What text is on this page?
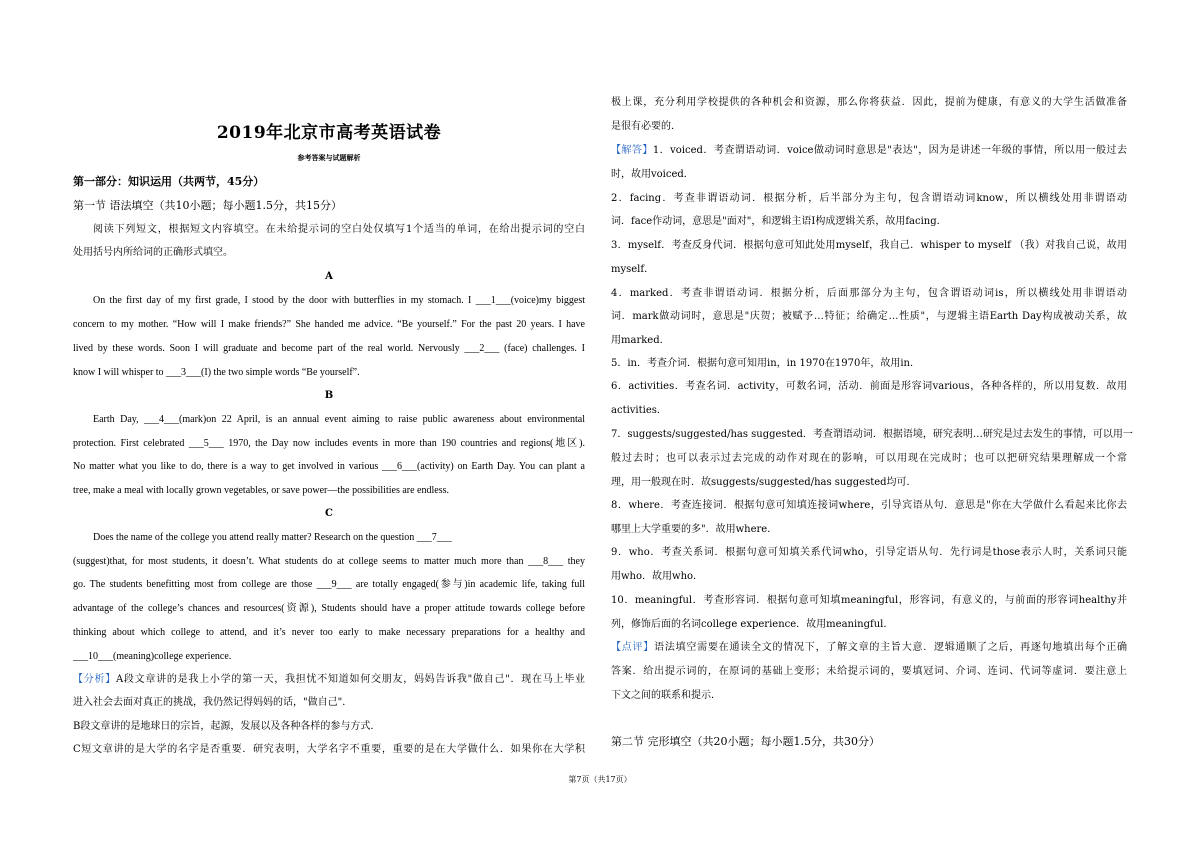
2019年北京市高考英语试卷
参考答案与试题解析
第一部分：知识运用（共两节，45分）
第一节 语法填空（共10小题；每小题1.5分，共15分）
阅读下列短文，根据短文内容填空。在未给提示词的空白处仅填写1个适当的单词，在给出提示词的空白
处用括号内所给词的正确形式填空。
A
On the first day of my first grade, I stood by the door with butterflies in my stomach. I ___1___(voice)my biggest
concern to my mother. “How will I make friends?” She handed me advice. “Be yourself.” For the past 20 years. I have
lived by these words. Soon I will graduate and become part of the real world. Nervously ___2___ (face) challenges. I
know I will whisper to ___3___(I) the two simple words “Be yourself”.
B
Earth Day, ___4___(mark)on 22 April, is an annual event aiming to raise public awareness about environmental
protection. First celebrated ___5___ 1970, the Day now includes events in more than 190 countries and regions(地区).
No matter what you like to do, there is a way to get involved in various ___6___(activity) on Earth Day. You can plant a
tree, make a meal with locally grown vegetables, or save power—the possibilities are endless.
C
Does the name of the college you attend really matter? Research on the question ___7___
(suggest)that, for most students, it doesn’t. What students do at college seems to matter much more than ___8___ they
go. The students benefitting most from college are those ___9___ are totally engaged(参与)in academic life, taking full
advantage of the college’s chances and resources(资源), Students should have a proper attitude towards college before
thinking about which college to attend, and it’s never too early to make necessary preparations for a healthy and
___10___(meaning)college experience.
【分析】A段文章讲的是我上小学的第一天，我担忧不知道如何交朋友，妈妈告诉我"做自己"．现在马上毕业
进入社会去面对真正的挑战，我仍然记得妈妈的话，"做自己"．
B段文章讲的是地球日的宗旨，起源，发展以及各种各样的参与方式．
C短文章讲的是大学的名字是否重要．研究表明，大学名字不重要，重要的是在大学做什么．如果你在大学积
极上课，充分利用学校提供的各种机会和资源，那么你将获益．因此，提前为健康，有意义的大学生活做准备
是很有必要的．
【解答】1．voiced．考查谓语动词．voice做动词时意思是"表达"，因为是讲述一年级的事情，所以用一般过去
时，故用voiced．
2．facing．考查非谓语动词．根据分析，后半部分为主句，包含谓语动词know，所以横线处用非谓语动
词．face作动词，意思是"面对"，和逻辑主语I构成逻辑关系，故用facing．
3．myself．考查反身代词．根据句意可知此处用myself，我自己．whisper to myself （我）对我自己说，故用
myself．
4．marked．考查非谓语动词．根据分析，后面那部分为主句，包含谓语动词is，所以横线处用非谓语动
词．mark做动词时，意思是"庆贺；被赋予…特征；给确定…性质"，与逻辑主语Earth Day构成被动关系，故
用marked．
5．in．考查介词．根据句意可知用in，in 1970在1970年，故用in．
6．activities．考查名词．activity，可数名词，活动．前面是形容词various，各种各样的，所以用复数．故用
activities．
7．suggests/suggested/has suggested．考查谓语动词．根据语境，研究表明…研究是过去发生的事情，可以用一
般过去时；也可以表示过去完成的动作对现在的影响，可以用现在完成时；也可以把研究结果理解成一个常
理，用一般现在时．故suggests/suggested/has suggested均可．
8．where．考查连接词．根据句意可知填连接词where，引导宾语从句．意思是"你在大学做什么看起来比你去
哪里上大学重要的多"．故用where．
9．who．考查关系词．根据句意可知填关系代词who，引导定语从句．先行词是those表示人时，关系词只能
用who．故用who．
10．meaningful．考查形容词．根据句意可知填meaningful，形容词，有意义的，与前面的形容词healthy并
列，修饰后面的名词college experience．故用meaningful．
【点评】语法填空需要在通读全文的情况下，了解文章的主旨大意．逻辑通顺了之后，再逐句地填出每个正确
答案．给出提示词的，在原词的基础上变形；未给提示词的，要填冠词、介词、连词、代词等虚词．要注意上
下文之间的联系和提示．
第二节 完形填空（共20小题；每小题1.5分，共30分）
第7页（共17页）
